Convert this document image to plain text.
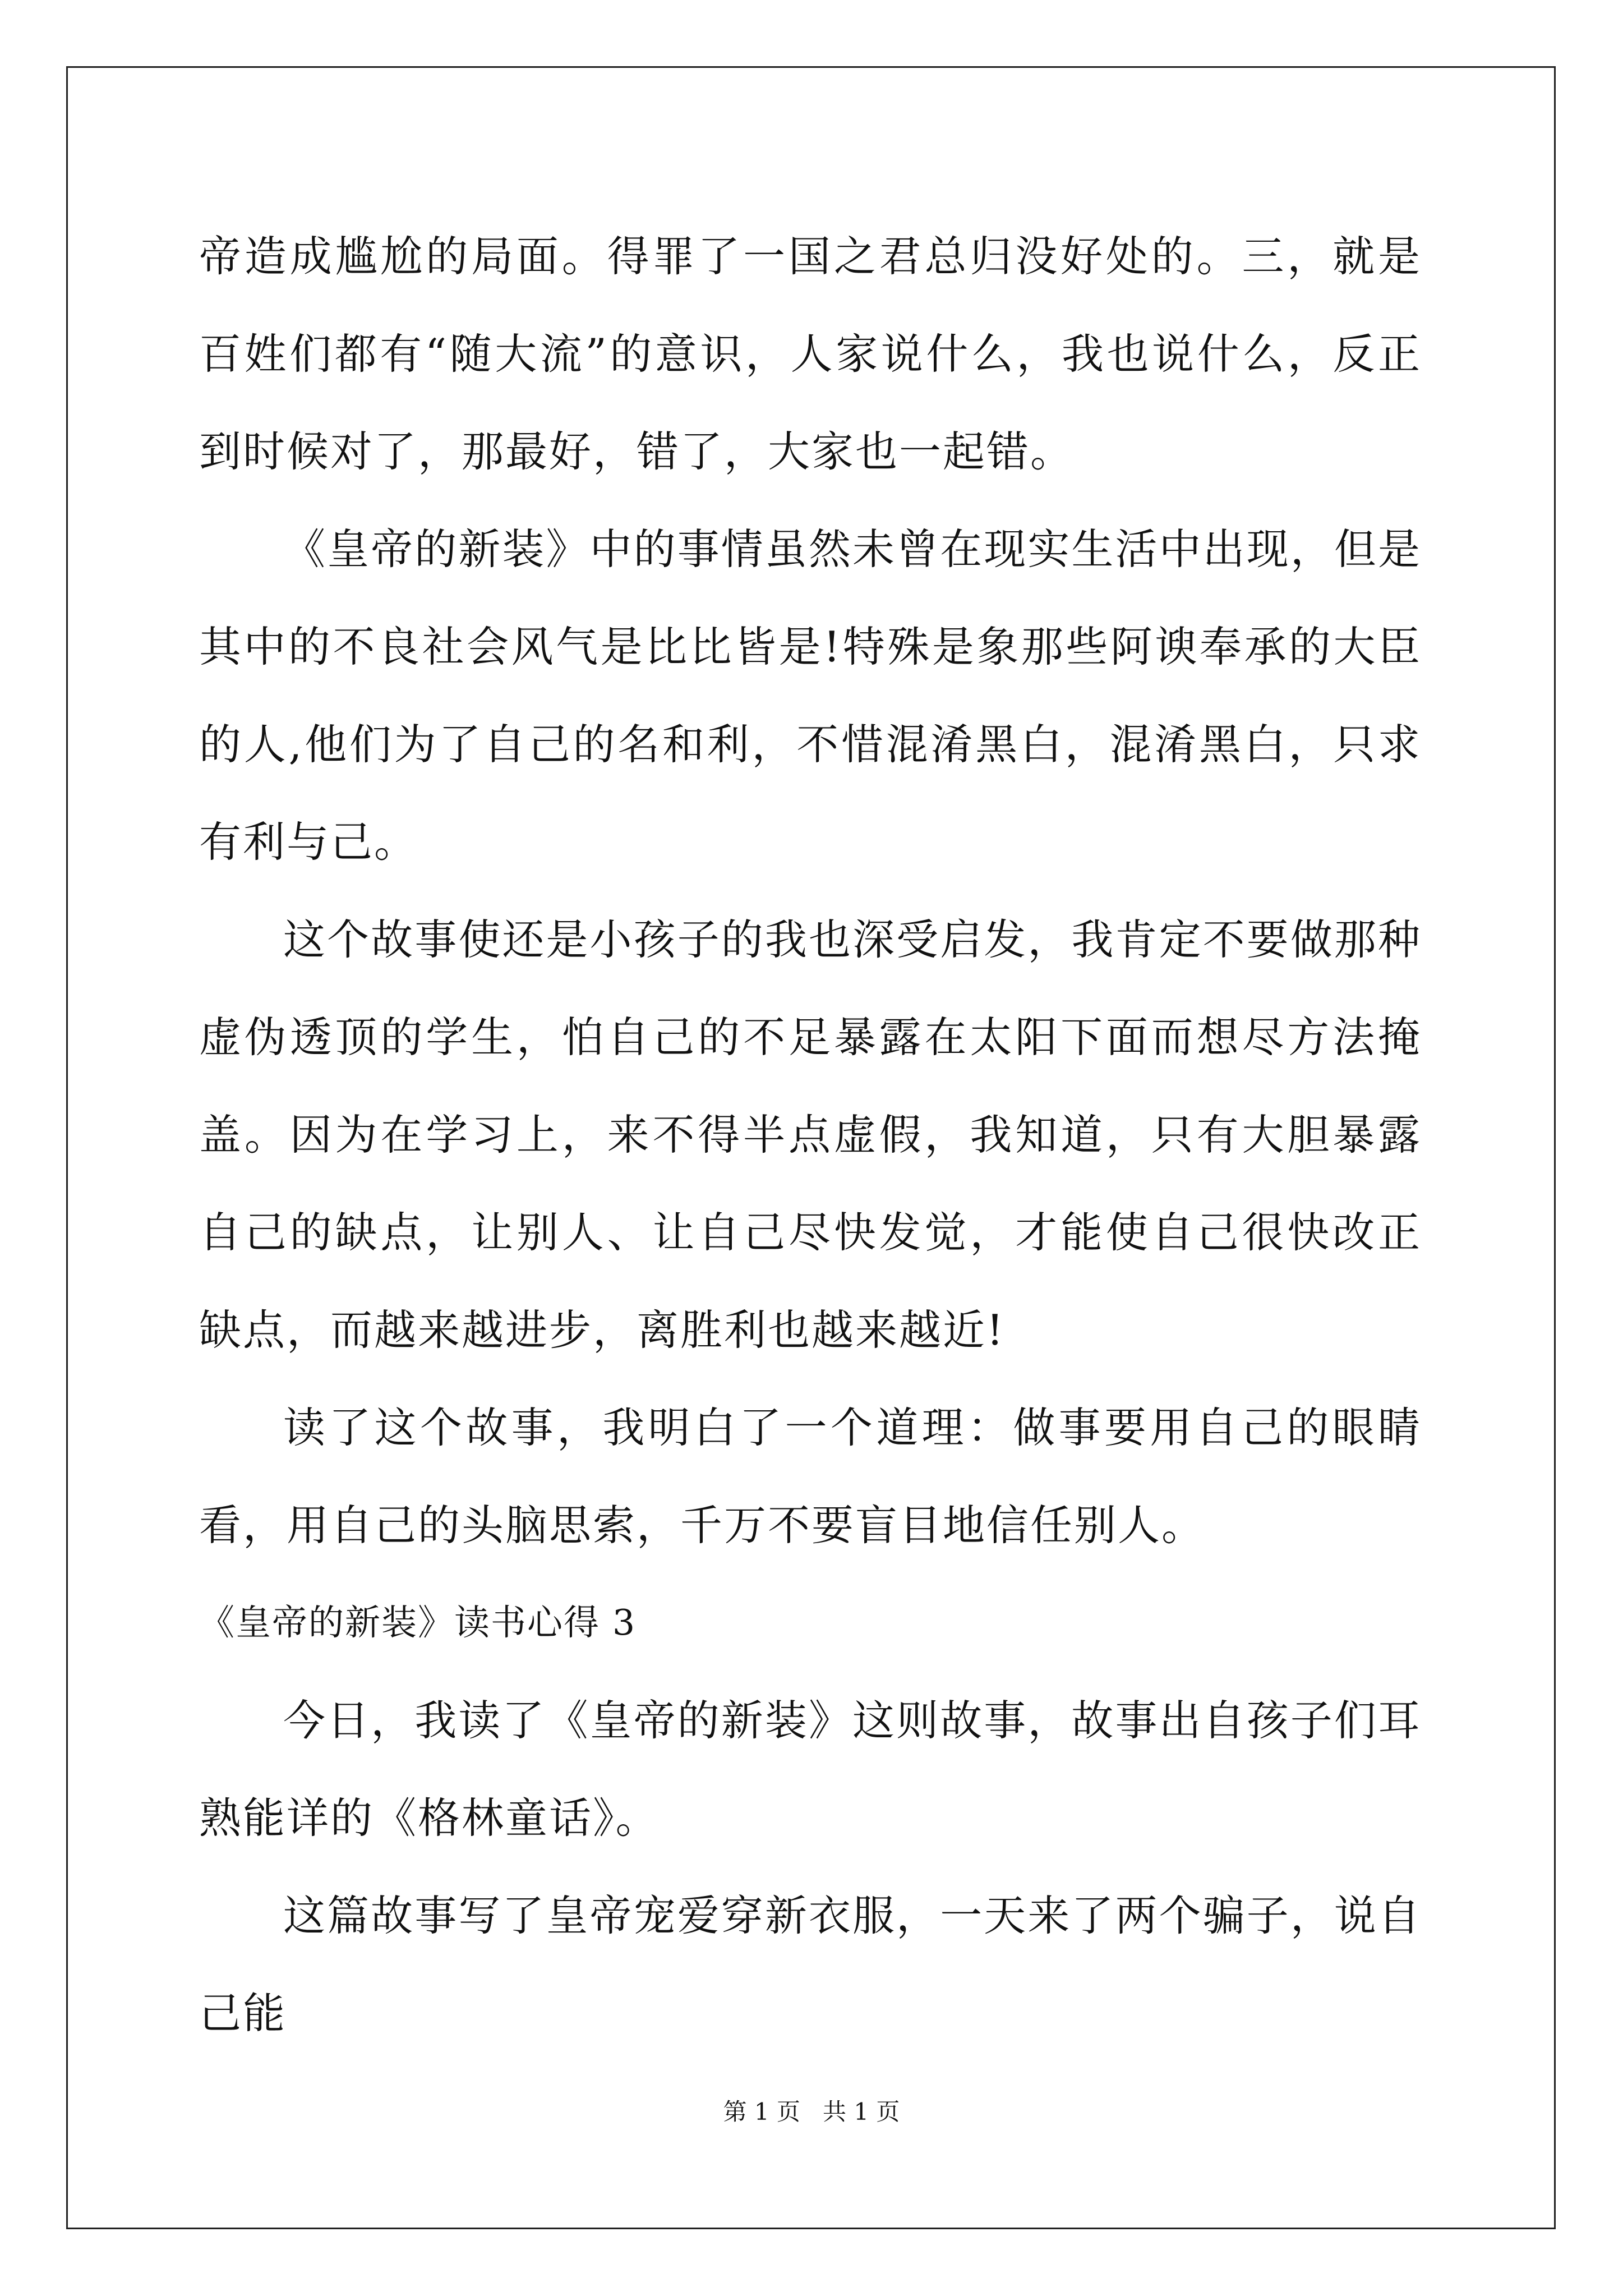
帝造成尴尬的局面。得罪了一国之君总归没好处的。三，就是百姓们都有“随大流”的意识，人家说什么，我也说什么，反正到时候对了，那最好，错了，大家也一起错。

《皇帝的新装》中的事情虽然未曾在现实生活中出现，但是其中的不良社会风气是比比皆是!特殊是象那些阿谀奉承的大臣的人,他们为了自己的名和利，不惜混淆黑白，混淆黑白，只求有利与己。

这个故事使还是小孩子的我也深受启发，我肯定不要做那种虚伪透顶的学生，怕自己的不足暴露在太阳下面而想尽方法掩盖。因为在学习上，来不得半点虚假，我知道，只有大胆暴露自己的缺点，让别人、让自己尽快发觉，才能使自己很快改正缺点，而越来越进步，离胜利也越来越近!

读了这个故事，我明白了一个道理：做事要用自己的眼睛看，用自己的头脑思索，千万不要盲目地信任别人。

《皇帝的新装》读书心得 3

今日，我读了《皇帝的新装》这则故事，故事出自孩子们耳熟能详的《格林童话》。

这篇故事写了皇帝宠爱穿新衣服，一天来了两个骗子，说自己能

第 1 页 共 1 页
